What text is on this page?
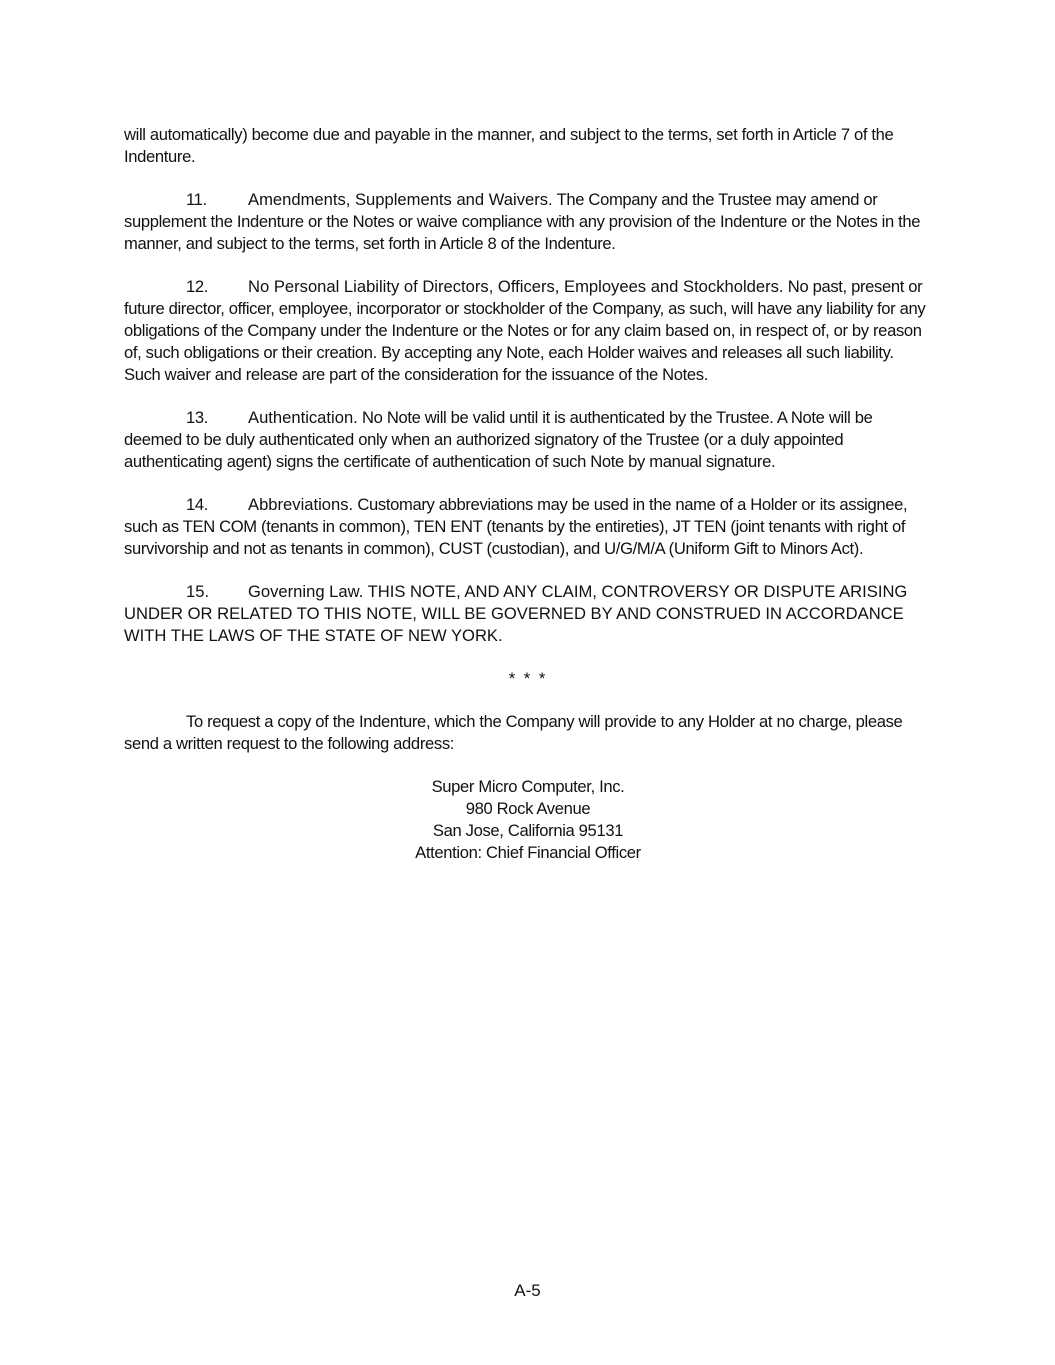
will automatically) become due and payable in the manner, and subject to the terms, set forth in Article 7 of the Indenture.

11. Amendments, Supplements and Waivers. The Company and the Trustee may amend or supplement the Indenture or the Notes or waive compliance with any provision of the Indenture or the Notes in the manner, and subject to the terms, set forth in Article 8 of the Indenture.

12. No Personal Liability of Directors, Officers, Employees and Stockholders. No past, present or future director, officer, employee, incorporator or stockholder of the Company, as such, will have any liability for any obligations of the Company under the Indenture or the Notes or for any claim based on, in respect of, or by reason of, such obligations or their creation. By accepting any Note, each Holder waives and releases all such liability. Such waiver and release are part of the consideration for the issuance of the Notes.

13. Authentication. No Note will be valid until it is authenticated by the Trustee. A Note will be deemed to be duly authenticated only when an authorized signatory of the Trustee (or a duly appointed authenticating agent) signs the certificate of authentication of such Note by manual signature.

14. Abbreviations. Customary abbreviations may be used in the name of a Holder or its assignee, such as TEN COM (tenants in common), TEN ENT (tenants by the entireties), JT TEN (joint tenants with right of survivorship and not as tenants in common), CUST (custodian), and U/G/M/A (Uniform Gift to Minors Act).

15. Governing Law. THIS NOTE, AND ANY CLAIM, CONTROVERSY OR DISPUTE ARISING UNDER OR RELATED TO THIS NOTE, WILL BE GOVERNED BY AND CONSTRUED IN ACCORDANCE WITH THE LAWS OF THE STATE OF NEW YORK.

* * *

To request a copy of the Indenture, which the Company will provide to any Holder at no charge, please send a written request to the following address:

Super Micro Computer, Inc.
980 Rock Avenue
San Jose, California 95131
Attention: Chief Financial Officer
A-5
